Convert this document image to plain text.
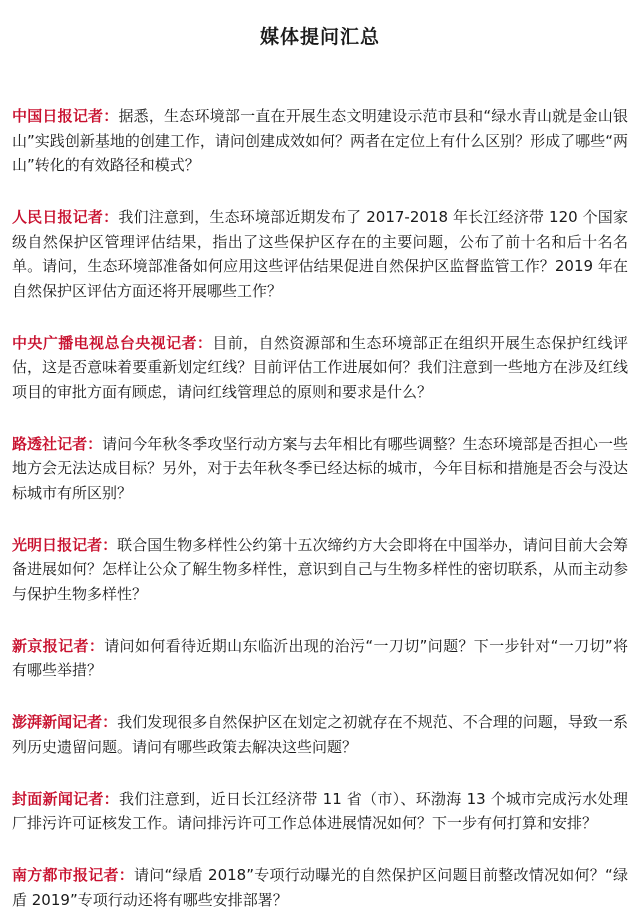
媒体提问汇总

中国日报记者：据悉，生态环境部一直在开展生态文明建设示范市县和“绿水青山就是金山银山”实践创新基地的创建工作，请问创建成效如何？两者在定位上有什么区别？形成了哪些“两山”转化的有效路径和模式？

人民日报记者：我们注意到，生态环境部近期发布了 2017-2018 年长江经济带 120 个国家级自然保护区管理评估结果，指出了这些保护区存在的主要问题，公布了前十名和后十名名单。请问，生态环境部准备如何应用这些评估结果促进自然保护区监督监管工作？2019 年在自然保护区评估方面还将开展哪些工作？

中央广播电视总台央视记者：目前，自然资源部和生态环境部正在组织开展生态保护红线评估，这是否意味着要重新划定红线？目前评估工作进展如何？我们注意到一些地方在涉及红线项目的审批方面有顾虑，请问红线管理总的原则和要求是什么？

路透社记者：请问今年秋冬季攻坚行动方案与去年相比有哪些调整？生态环境部是否担心一些地方会无法达成目标？另外，对于去年秋冬季已经达标的城市，今年目标和措施是否会与没达标城市有所区别？

光明日报记者：联合国生物多样性公约第十五次缔约方大会即将在中国举办，请问目前大会筹备进展如何？怎样让公众了解生物多样性，意识到自己与生物多样性的密切联系，从而主动参与保护生物多样性？

新京报记者：请问如何看待近期山东临沂出现的治污“一刀切”问题？下一步针对“一刀切”将有哪些举措？

澎湃新闻记者：我们发现很多自然保护区在划定之初就存在不规范、不合理的问题，导致一系列历史遗留问题。请问有哪些政策去解决这些问题？

封面新闻记者：我们注意到，近日长江经济带 11 省（市）、环渤海 13 个城市完成污水处理厂排污许可证核发工作。请问排污许可工作总体进展情况如何？下一步有何打算和安排？

南方都市报记者：请问“绿盾 2018”专项行动曝光的自然保护区问题目前整改情况如何？“绿盾 2019”专项行动还将有哪些安排部署？
